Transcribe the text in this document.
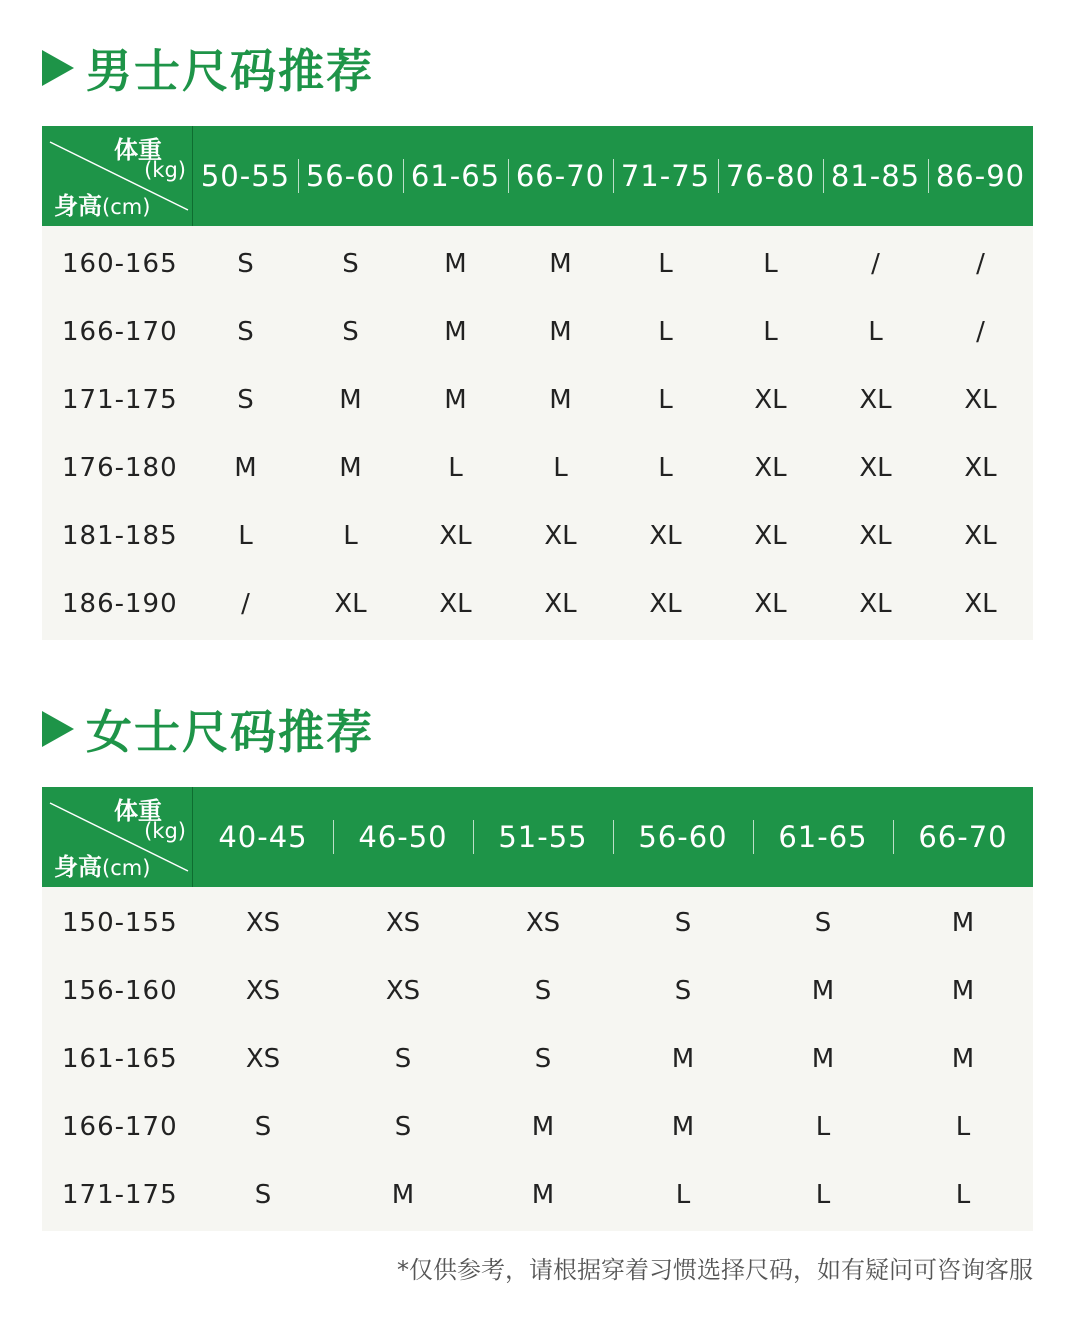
男士尺码推荐
体重
(kg)
身高(cm)
50-55 56-60 61-65 66-70 71-75 76-80 81-85 86-90
160-165	S	S	M	M	L	L	/	/
166-170	S	S	M	M	L	L	L	/
171-175	S	M	M	M	L	XL	XL	XL
176-180	M	M	L	L	L	XL	XL	XL
181-185	L	L	XL	XL	XL	XL	XL	XL
186-190	/	XL	XL	XL	XL	XL	XL	XL
女士尺码推荐
体重
(kg)
身高(cm)
40-45	46-50	51-55	56-60	61-65	66-70
150-155	XS	XS	XS	S	S	M
156-160	XS	XS	S	S	M	M
161-165	XS	S	S	M	M	M
166-170	S	S	M	M	L	L
171-175	S	M	M	L	L	L
*仅供参考，请根据穿着习惯选择尺码，如有疑问可咨询客服
